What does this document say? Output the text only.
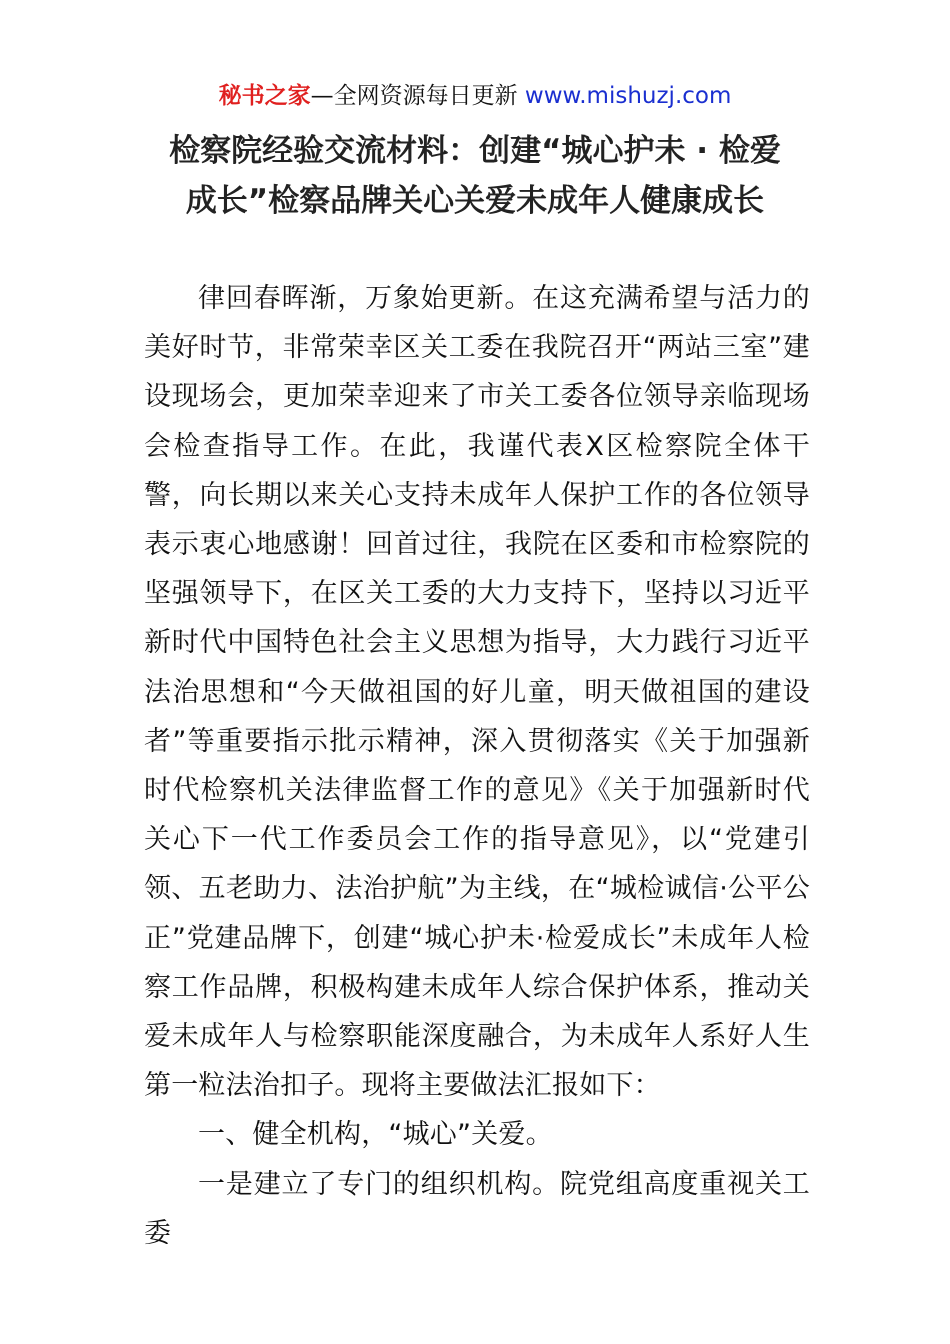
秘书之家—全网资源每日更新 www.mishuzj.com
检察院经验交流材料：创建“城心护未 · 检爱
成长”检察品牌关心关爱未成年人健康成长

律回春晖渐，万象始更新。在这充满希望与活力的美好时节，非常荣幸区关工委在我院召开“两站三室”建设现场会，更加荣幸迎来了市关工委各位领导亲临现场会检查指导工作。在此，我谨代表X区检察院全体干警，向长期以来关心支持未成年人保护工作的各位领导表示衷心地感谢！回首过往，我院在区委和市检察院的坚强领导下，在区关工委的大力支持下，坚持以习近平新时代中国特色社会主义思想为指导，大力践行习近平法治思想和“今天做祖国的好儿童，明天做祖国的建设者”等重要指示批示精神，深入贯彻落实《关于加强新时代检察机关法律监督工作的意见》《关于加强新时代关心下一代工作委员会工作的指导意见》，以“党建引领、五老助力、法治护航”为主线，在“城检诚信·公平公正”党建品牌下，创建“城心护未·检爱成长”未成年人检察工作品牌，积极构建未成年人综合保护体系，推动关爱未成年人与检察职能深度融合，为未成年人系好人生第一粒法治扣子。现将主要做法汇报如下：

一、健全机构，“城心”关爱。

一是建立了专门的组织机构。院党组高度重视关工委
